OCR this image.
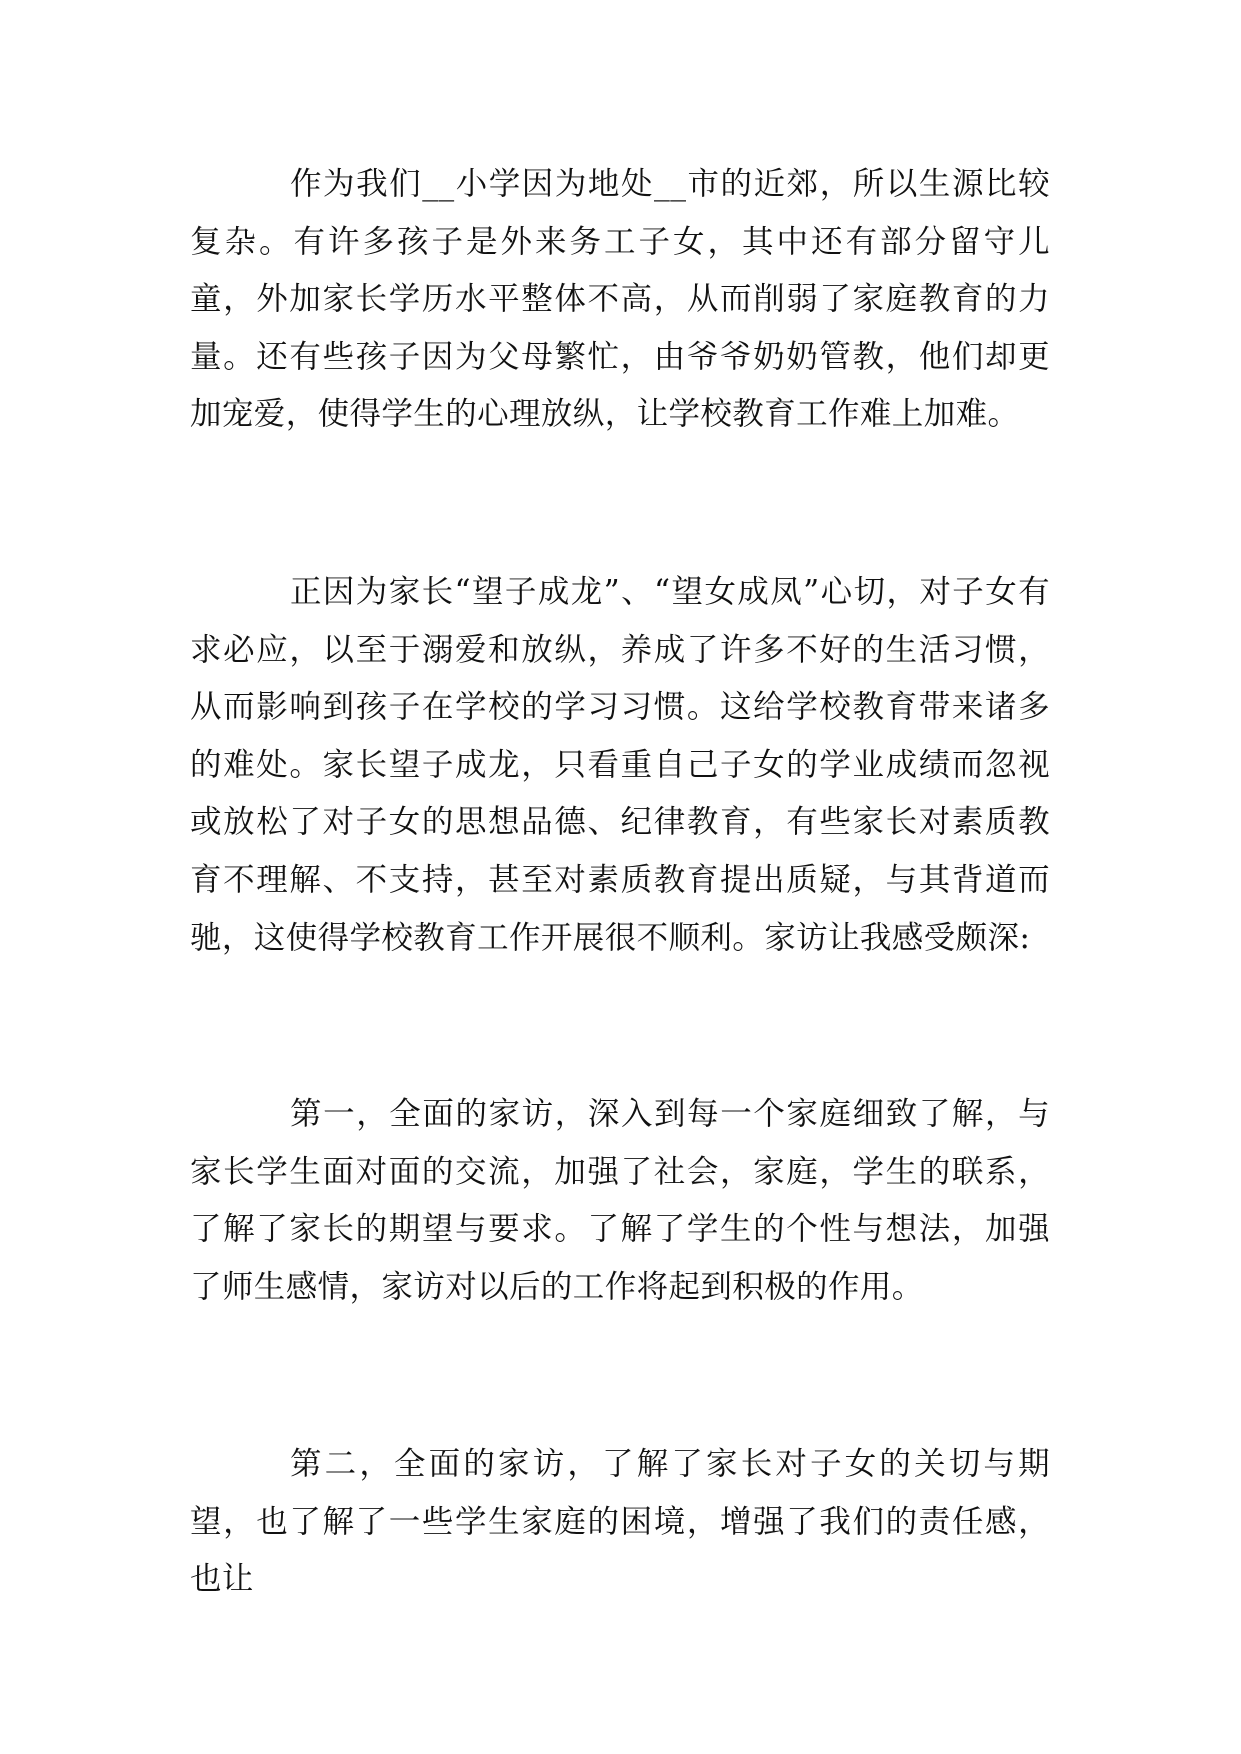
作为我们__小学因为地处__市的近郊，所以生源比较复杂。有许多孩子是外来务工子女，其中还有部分留守儿童，外加家长学历水平整体不高，从而削弱了家庭教育的力量。还有些孩子因为父母繁忙，由爷爷奶奶管教，他们却更加宠爱，使得学生的心理放纵，让学校教育工作难上加难。

正因为家长“望子成龙”、“望女成凤”心切，对子女有求必应，以至于溺爱和放纵，养成了许多不好的生活习惯，从而影响到孩子在学校的学习习惯。这给学校教育带来诸多的难处。家长望子成龙，只看重自己子女的学业成绩而忽视或放松了对子女的思想品德、纪律教育，有些家长对素质教育不理解、不支持，甚至对素质教育提出质疑，与其背道而驰，这使得学校教育工作开展很不顺利。家访让我感受颇深:

第一，全面的家访，深入到每一个家庭细致了解，与家长学生面对面的交流，加强了社会，家庭，学生的联系，了解了家长的期望与要求。了解了学生的个性与想法，加强了师生感情，家访对以后的工作将起到积极的作用。

第二，全面的家访，了解了家长对子女的关切与期望，也了解了一些学生家庭的困境，增强了我们的责任感，也让
